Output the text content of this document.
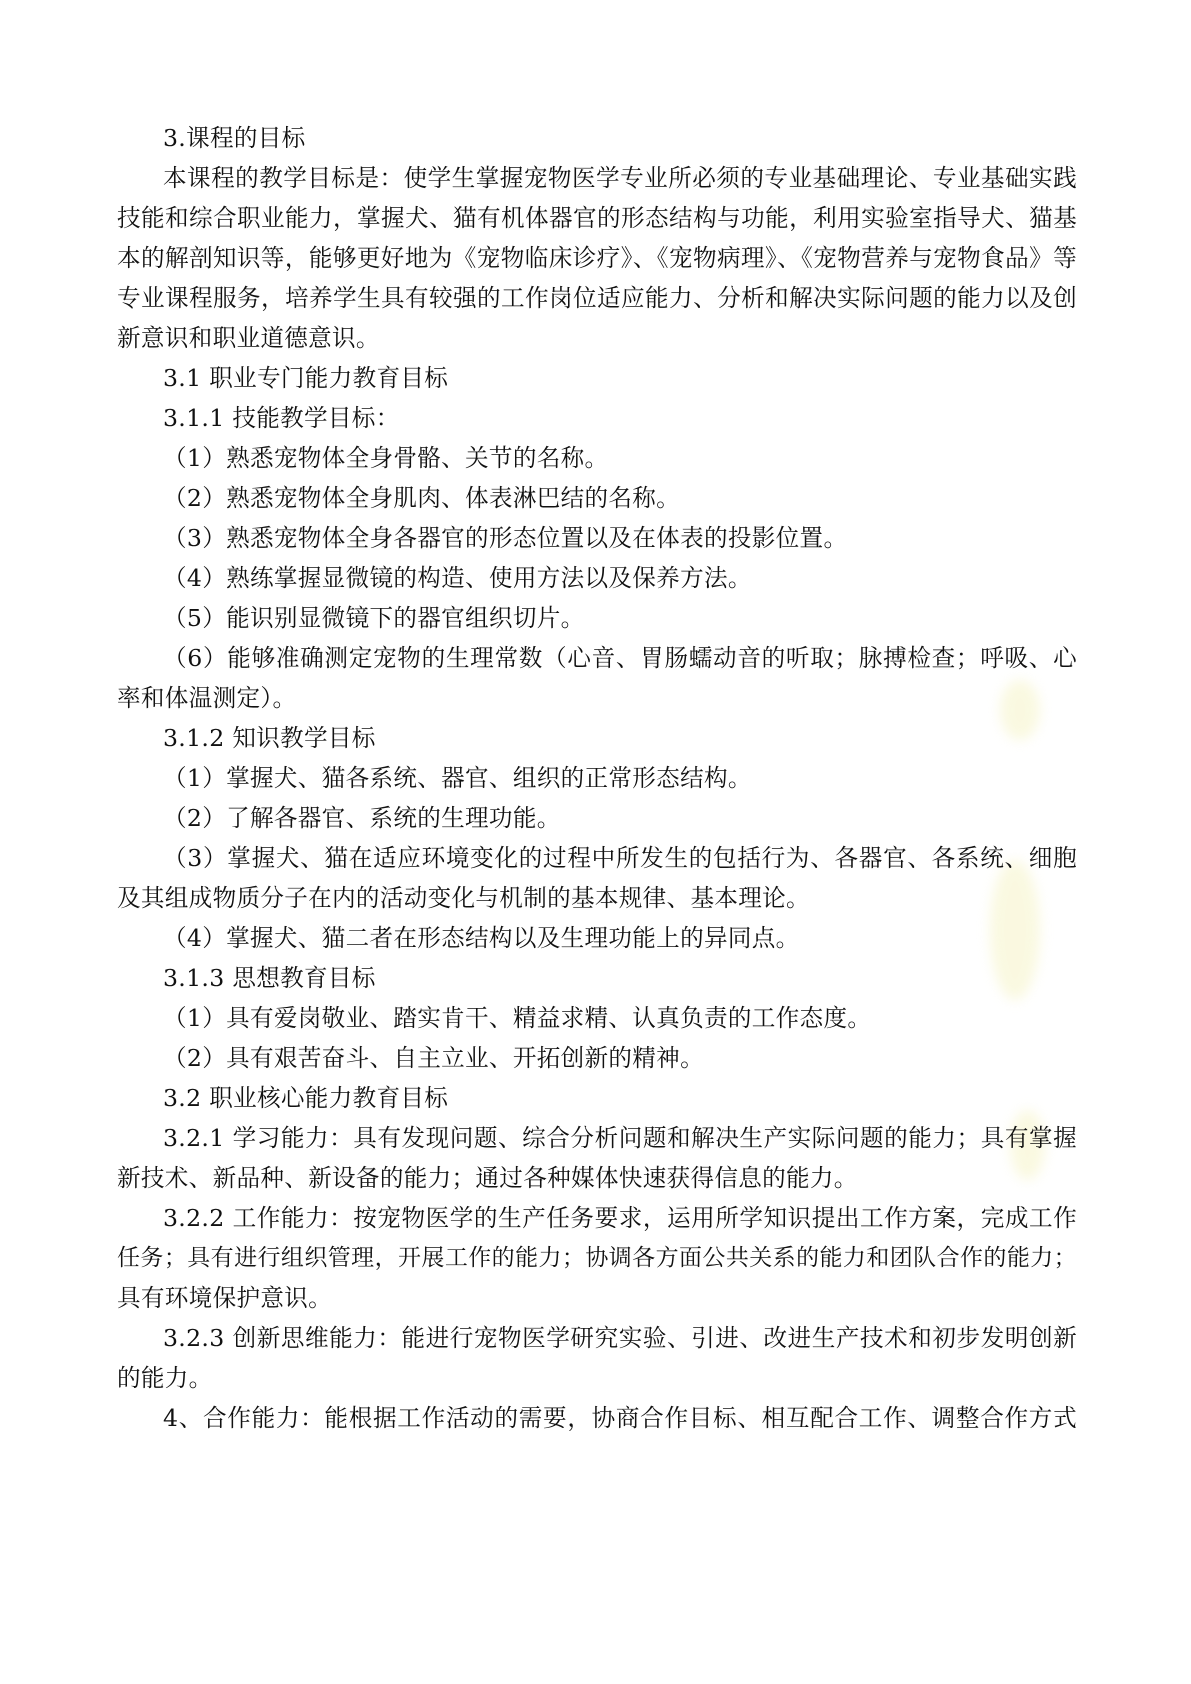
3.课程的目标
本课程的教学目标是：使学生掌握宠物医学专业所必须的专业基础理论、专业基础实践
技能和综合职业能力，掌握犬、猫有机体器官的形态结构与功能，利用实验室指导犬、猫基
本的解剖知识等，能够更好地为《宠物临床诊疗》、《宠物病理》、《宠物营养与宠物食品》等
专业课程服务，培养学生具有较强的工作岗位适应能力、分析和解决实际问题的能力以及创
新意识和职业道德意识。
3.1 职业专门能力教育目标
3.1.1 技能教学目标：
（1）熟悉宠物体全身骨骼、关节的名称。
（2）熟悉宠物体全身肌肉、体表淋巴结的名称。
（3）熟悉宠物体全身各器官的形态位置以及在体表的投影位置。
（4）熟练掌握显微镜的构造、使用方法以及保养方法。
（5）能识别显微镜下的器官组织切片。
（6）能够准确测定宠物的生理常数（心音、胃肠蠕动音的听取；脉搏检查；呼吸、心
率和体温测定）。
3.1.2 知识教学目标
（1）掌握犬、猫各系统、器官、组织的正常形态结构。
（2）了解各器官、系统的生理功能。
（3）掌握犬、猫在适应环境变化的过程中所发生的包括行为、各器官、各系统、细胞
及其组成物质分子在内的活动变化与机制的基本规律、基本理论。
（4）掌握犬、猫二者在形态结构以及生理功能上的异同点。
3.1.3 思想教育目标
（1）具有爱岗敬业、踏实肯干、精益求精、认真负责的工作态度。
（2）具有艰苦奋斗、自主立业、开拓创新的精神。
3.2 职业核心能力教育目标
3.2.1 学习能力：具有发现问题、综合分析问题和解决生产实际问题的能力；具有掌握
新技术、新品种、新设备的能力；通过各种媒体快速获得信息的能力。
3.2.2 工作能力：按宠物医学的生产任务要求，运用所学知识提出工作方案，完成工作
任务；具有进行组织管理，开展工作的能力；协调各方面公共关系的能力和团队合作的能力；
具有环境保护意识。
3.2.3 创新思维能力：能进行宠物医学研究实验、引进、改进生产技术和初步发明创新
的能力。
4、合作能力：能根据工作活动的需要，协商合作目标、相互配合工作、调整合作方式
